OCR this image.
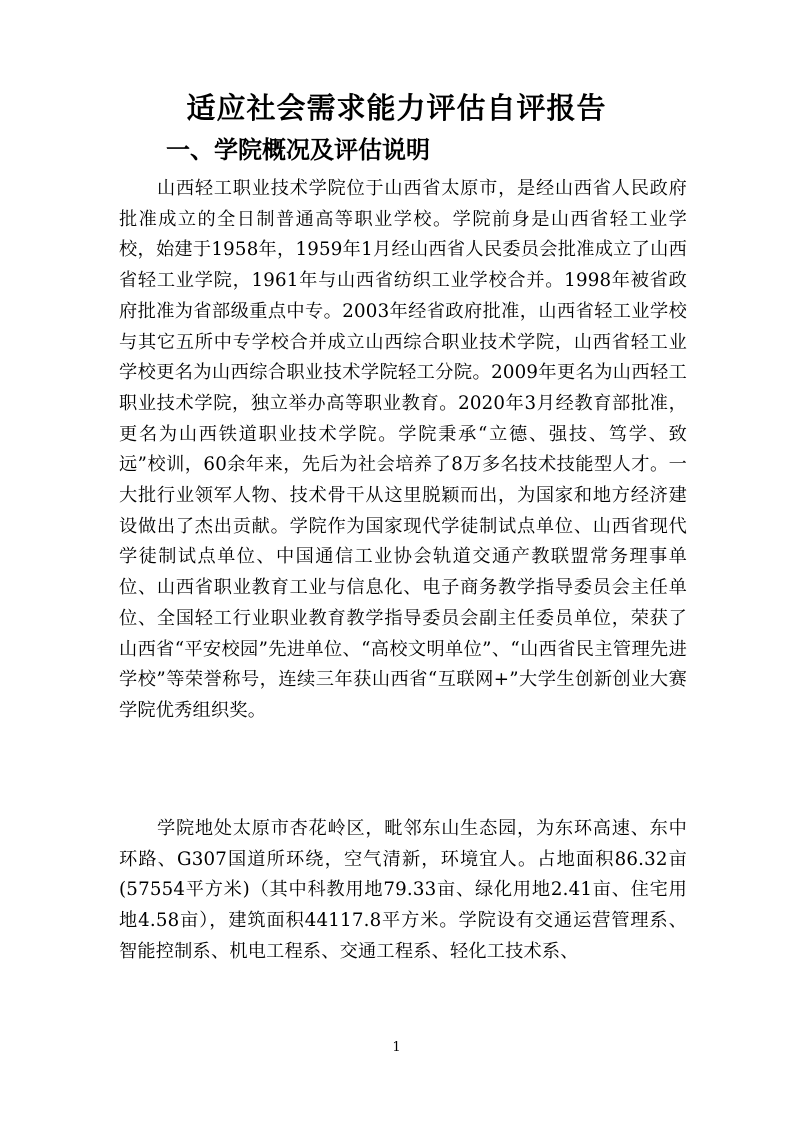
适应社会需求能力评估自评报告
一、学院概况及评估说明

山西轻工职业技术学院位于山西省太原市，是经山西省人民政府批准成立的全日制普通高等职业学校。学院前身是山西省轻工业学校，始建于1958年，1959年1月经山西省人民委员会批准成立了山西省轻工业学院，1961年与山西省纺织工业学校合并。1998年被省政府批准为省部级重点中专。2003年经省政府批准，山西省轻工业学校与其它五所中专学校合并成立山西综合职业技术学院，山西省轻工业学校更名为山西综合职业技术学院轻工分院。2009年更名为山西轻工职业技术学院，独立举办高等职业教育。2020年3月经教育部批准，更名为山西铁道职业技术学院。学院秉承“立德、强技、笃学、致远”校训，60余年来，先后为社会培养了8万多名技术技能型人才。一大批行业领军人物、技术骨干从这里脱颖而出，为国家和地方经济建设做出了杰出贡献。学院作为国家现代学徒制试点单位、山西省现代学徒制试点单位、中国通信工业协会轨道交通产教联盟常务理事单位、山西省职业教育工业与信息化、电子商务教学指导委员会主任单位、全国轻工行业职业教育教学指导委员会副主任委员单位，荣获了山西省“平安校园”先进单位、“高校文明单位”、“山西省民主管理先进学校”等荣誉称号，连续三年获山西省“互联网+”大学生创新创业大赛学院优秀组织奖。

学院地处太原市杏花岭区，毗邻东山生态园，为东环高速、东中环路、G307国道所环绕，空气清新，环境宜人。占地面积86.32亩(57554平方米)（其中科教用地79.33亩、绿化用地2.41亩、住宅用地4.58亩），建筑面积44117.8平方米。学院设有交通运营管理系、智能控制系、机电工程系、交通工程系、轻化工技术系、

1
